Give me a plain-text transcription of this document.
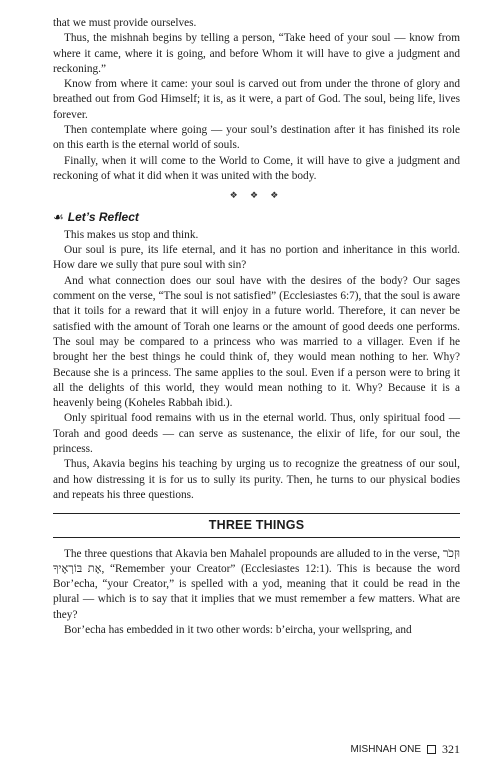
that we must provide ourselves.

Thus, the mishnah begins by telling a person, “Take heed of your soul — know from where it came, where it is going, and before Whom it will have to give a judgment and reckoning.”

Know from where it came: your soul is carved out from under the throne of glory and breathed out from God Himself; it is, as it were, a part of God. The soul, being life, lives forever.

Then contemplate where going — your soul’s destination after it has finished its role on this earth is the eternal world of souls.

Finally, when it will come to the World to Come, it will have to give a judgment and reckoning of what it did when it was united with the body.

❖ ❖ ❖
☙ Let’s Reflect

This makes us stop and think.

Our soul is pure, its life eternal, and it has no portion and inheritance in this world. How dare we sully that pure soul with sin?

And what connection does our soul have with the desires of the body? Our sages comment on the verse, “The soul is not satisfied” (Ecclesiastes 6:7), that the soul is aware that it toils for a reward that it will enjoy in a future world. Therefore, it can never be satisfied with the amount of Torah one learns or the amount of good deeds one performs. The soul may be compared to a princess who was married to a villager. Even if he brought her the best things he could think of, they would mean nothing to her. Why? Because she is a princess. The same applies to the soul. Even if a person were to bring it all the delights of this world, they would mean nothing to it. Why? Because it is a heavenly being (Koheles Rabbah ibid.).

Only spiritual food remains with us in the eternal world. Thus, only spiritual food — Torah and good deeds — can serve as sustenance, the elixir of life, for our soul, the princess.

Thus, Akavia begins his teaching by urging us to recognize the greatness of our soul, and how distressing it is for us to sully its purity. Then, he turns to our physical bodies and repeats his three questions.

THREE THINGS

The three questions that Akavia ben Mahalel propounds are alluded to in the verse, וּזְכֹר אֶת בּוֹרְאֶיךָ, “Remember your Creator” (Ecclesiastes 12:1). This is because the word Bor’echa, “your Creator,” is spelled with a yod, meaning that it could be read in the plural — which is to say that it implies that we must remember a few matters. What are they?

Bor’echa has embedded in it two other words: b’eircha, your wellspring, and

MISHNAH ONE 321
